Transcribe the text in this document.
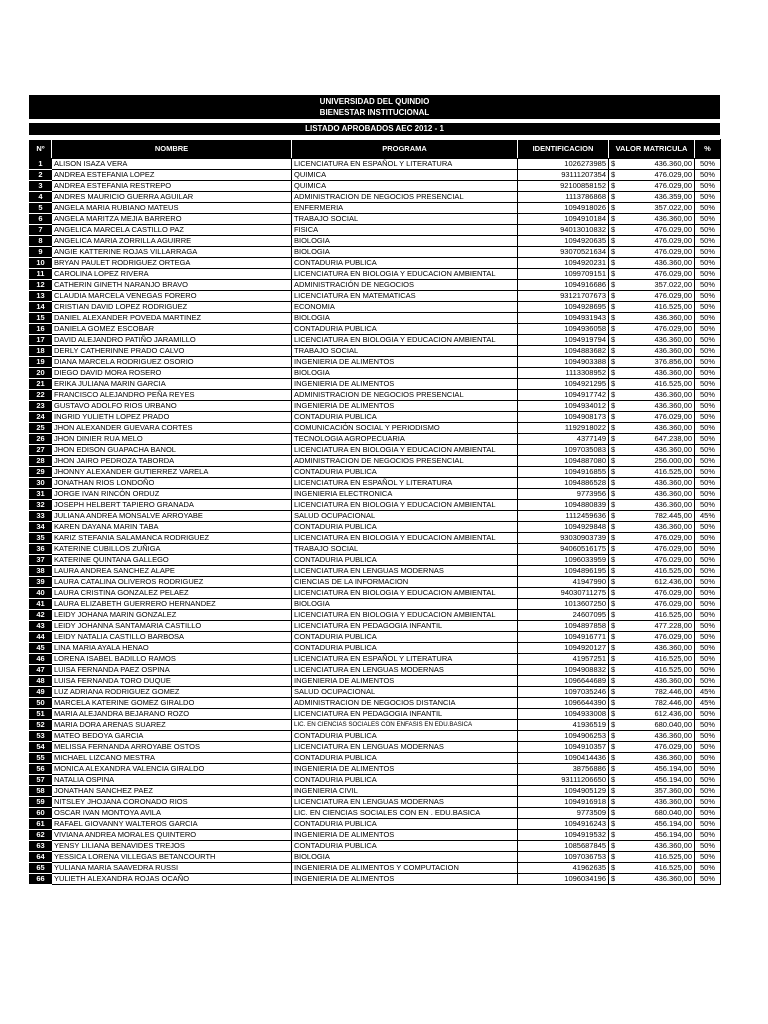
UNIVERSIDAD DEL QUINDIO
BIENESTAR INSTITUCIONAL
LISTADO APROBADOS AEC 2012 - 1
Nº	NOMBRE	PROGRAMA	IDENTIFICACION	VALOR MATRICULA	%
1	ALISON ISAZA VERA	LICENCIATURA EN ESPAÑOL Y LITERATURA	1026273985	$ 436.360,00	50%
2	ANDREA ESTEFANIA LOPEZ	QUIMICA	93111207354	$ 476.029,00	50%
3	ANDREA ESTEFANIA RESTREPO	QUIMICA	92100858152	$ 476.029,00	50%
4	ANDRES MAURICIO GUERRA AGUILAR	ADMINISTRACION DE NEGOCIOS PRESENCIAL	1113786868	$ 436.359,00	50%
5	ANGELA MARIA RUBIANO MATEUS	ENFERMERIA	1094918026	$ 357.022,00	50%
6	ANGELA MARITZA MEJIA BARRERO	TRABAJO SOCIAL	1094910184	$ 436.360,00	50%
7	ANGELICA MARCELA CASTILLO PAZ	FISICA	94013010832	$ 476.029,00	50%
8	ANGELICA MARIA ZORRILLA AGUIRRE	BIOLOGIA	1094920635	$ 476.029,00	50%
9	ANGIE KATTERINE ROJAS VILLARRAGA	BIOLOGIA	93070521634	$ 476.029,00	50%
10	BRYAN PAULET RODRIGUEZ ORTEGA	CONTADURIA PUBLICA	1094920231	$ 436.360,00	50%
11	CAROLINA LOPEZ RIVERA	LICENCIATURA EN BIOLOGIA Y EDUCACION AMBIENTAL	1099709151	$ 476.029,00	50%
12	CATHERIN GINETH NARANJO BRAVO	ADMINISTRACIÓN DE NEGOCIOS	1094916686	$ 357.022,00	50%
13	CLAUDIA MARCELA VENEGAS FORERO	LICENCIATURA EN MATEMATICAS	93121707673	$ 476.029,00	50%
14	CRISTIAN DAVID LOPEZ RODRIGUEZ	ECONOMIA	1094928695	$ 416.525,00	50%
15	DANIEL ALEXANDER POVEDA MARTINEZ	BIOLOGIA	1094931943	$ 436.360,00	50%
16	DANIELA GOMEZ ESCOBAR	CONTADURIA PUBLICA	1094936058	$ 476.029,00	50%
17	DAVID ALEJANDRO PATIÑO JARAMILLO	LICENCIATURA EN BIOLOGIA Y EDUCACION AMBIENTAL	1094919794	$ 436.360,00	50%
18	DERLY CATHERINNE PRADO CALVO	TRABAJO SOCIAL	1094883682	$ 436.360,00	50%
19	DIANA MARCELA RODRIGUEZ OSORIO	INGENIERIA DE ALIMENTOS	1094903388	$ 376.856,00	50%
20	DIEGO DAVID MORA ROSERO	BIOLOGIA	1113308952	$ 436.360,00	50%
21	ERIKA JULIANA MARIN GARCIA	INGENIERIA DE ALIMENTOS	1094921295	$ 416.525,00	50%
22	FRANCISCO ALEJANDRO PEÑA REYES	ADMINISTRACION DE NEGOCIOS PRESENCIAL	1094917742	$ 436.360,00	50%
23	GUSTAVO ADOLFO RIOS URBANO	INGENIERIA DE ALIMENTOS	1094934012	$ 436.360,00	50%
24	INGRID YULIETH LOPEZ PRADO	CONTADURIA PUBLICA	1094908173	$ 476.029,00	50%
25	JHON ALEXANDER GUEVARA CORTES	COMUNICACIÓN SOCIAL Y PERIODISMO	1192918022	$ 436.360,00	50%
26	JHON DINIER RUA MELO	TECNOLOGIA AGROPECUARIA	4377149	$ 647.238,00	50%
27	JHON EDISON GUAPACHA BANOL	LICENCIATURA EN BIOLOGIA Y EDUCACION AMBIENTAL	1097035083	$ 436.360,00	50%
28	JHON JAIRO PEDROZA TABORDA	ADMINISTRACION DE NEGOCIOS PRESENCIAL	1094887080	$ 256.000,00	50%
29	JHONNY ALEXANDER GUTIERREZ VARELA	CONTADURIA PUBLICA	1094916855	$ 416.525,00	50%
30	JONATHAN RIOS LONDOÑO	LICENCIATURA EN ESPAÑOL Y LITERATURA	1094886528	$ 436.360,00	50%
31	JORGE IVAN RINCÓN ORDUZ	INGENIERIA ELECTRONICA	9773956	$ 436.360,00	50%
32	JOSEPH HELBERT TAPIERO GRANADA	LICENCIATURA EN BIOLOGIA Y EDUCACION AMBIENTAL	1094880839	$ 436.360,00	50%
33	JULIANA ANDREA MONSALVE ARROYABE	SALUD OCUPACIONAL	1112459636	$ 782.445,00	45%
34	KAREN DAYANA MARIN TABA	CONTADURIA PUBLICA	1094929848	$ 436.360,00	50%
35	KARIZ STEFANIA SALAMANCA RODRIGUEZ	LICENCIATURA EN BIOLOGIA Y EDUCACION AMBIENTAL	93030903739	$ 476.029,00	50%
36	KATERINE CUBILLOS ZUÑIGA	TRABAJO SOCIAL	94060516175	$ 476.029,00	50%
37	KATERINE QUINTANA GALLEGO	CONTADURIA PUBLICA	1096033959	$ 476.029,00	50%
38	LAURA ANDREA SANCHEZ ALAPE	LICENCIATURA EN LENGUAS MODERNAS	1094896195	$ 416.525,00	50%
39	LAURA CATALINA OLIVEROS RODRIGUEZ	CIENCIAS DE LA INFORMACION	41947990	$ 612.436,00	50%
40	LAURA CRISTINA GONZALEZ PELAEZ	LICENCIATURA EN BIOLOGIA Y EDUCACION AMBIENTAL	94030711275	$ 476.029,00	50%
41	LAURA ELIZABETH GUERRERO HERNANDEZ	BIOLOGIA	1013607250	$ 476.029,00	50%
42	LEIDY JOHANA MARIN GONZALEZ	LICENCIATURA EN BIOLOGIA Y EDUCACION AMBIENTAL	24607095	$ 416.525,00	50%
43	LEIDY JOHANNA SANTAMARIA CASTILLO	LICENCIATURA EN PEDAGOGIA INFANTIL	1094897858	$ 477.228,00	50%
44	LEIDY NATALIA CASTILLO BARBOSA	CONTADURIA PUBLICA	1094916771	$ 476.029,00	50%
45	LINA MARIA AYALA HENAO	CONTADURIA PUBLICA	1094920127	$ 436.360,00	50%
46	LORENA ISABEL BADILLO RAMOS	LICENCIATURA EN ESPAÑOL Y LITERATURA	41957251	$ 416.525,00	50%
47	LUISA FERNANDA PAEZ OSPINA	LICENCIATURA EN LENGUAS MODERNAS	1094908832	$ 416.525,00	50%
48	LUISA FERNANDA TORO DUQUE	INGENIERIA DE ALIMENTOS	1096644689	$ 436.360,00	50%
49	LUZ ADRIANA RODRIGUEZ GOMEZ	SALUD OCUPACIONAL	1097035246	$ 782.446,00	45%
50	MARCELA KATERINE GOMEZ GIRALDO	ADMINISTRACION DE NEGOCIOS DISTANCIA	1096644390	$ 782.446,00	45%
51	MARIA ALEJANDRA BEJARANO ROZO	LICENCIATURA EN PEDAGOGIA INFANTIL	1094933008	$ 612.436,00	50%
52	MARIA DORA ARENAS SUAREZ	LIC. EN CIENCIAS SOCIALES CON ENFASIS EN EDU.BASICA	41936519	$ 680.040,00	50%
53	MATEO BEDOYA GARCIA	CONTADURIA PUBLICA	1094906253	$ 436.360,00	50%
54	MELISSA FERNANDA ARROYABE OSTOS	LICENCIATURA EN LENGUAS MODERNAS	1094910357	$ 476.029,00	50%
55	MICHAEL LIZCANO MESTRA	CONTADURIA PUBLICA	1090414436	$ 436.360,00	50%
56	MONICA ALEXANDRA VALENCIA GIRALDO	INGENIERIA DE ALIMENTOS	38756886	$ 456.194,00	50%
57	NATALIA OSPINA	CONTADURIA PUBLICA	93111206650	$ 456.194,00	50%
58	JONATHAN SANCHEZ PAEZ	INGENIERIA CIVIL	1094905129	$ 357.360,00	50%
59	NITSLEY JHOJANA CORONADO RIOS	LICENCIATURA EN LENGUAS MODERNAS	1094916918	$ 436.360,00	50%
60	OSCAR IVAN MONTOYA AVILA	LIC. EN CIENCIAS SOCIALES CON EN . EDU.BASICA	9773509	$ 680.040,00	50%
61	RAFAEL GIOVANNY WALTEROS GARCIA	CONTADURIA PUBLICA	1094916243	$ 456.194,00	50%
62	VIVIANA ANDREA MORALES QUINTERO	INGENIERIA DE ALIMENTOS	1094919532	$ 456.194,00	50%
63	YENSY LILIANA BENAVIDES TREJOS	CONTADURIA PUBLICA	1085687845	$ 436.360,00	50%
64	YESSICA LORENA VILLEGAS BETANCOURTH	BIOLOGIA	1097036753	$ 416.525,00	50%
65	YULIANA MARIA SAAVEDRA RUSSI	INGENIERIA DE ALIMENTOS Y COMPUTACION	41962635	$ 416.525,00	50%
66	YULIETH ALEXANDRA ROJAS OCAÑO	INGENIERIA DE ALIMENTOS	1096034196	$ 436.360,00	50%
